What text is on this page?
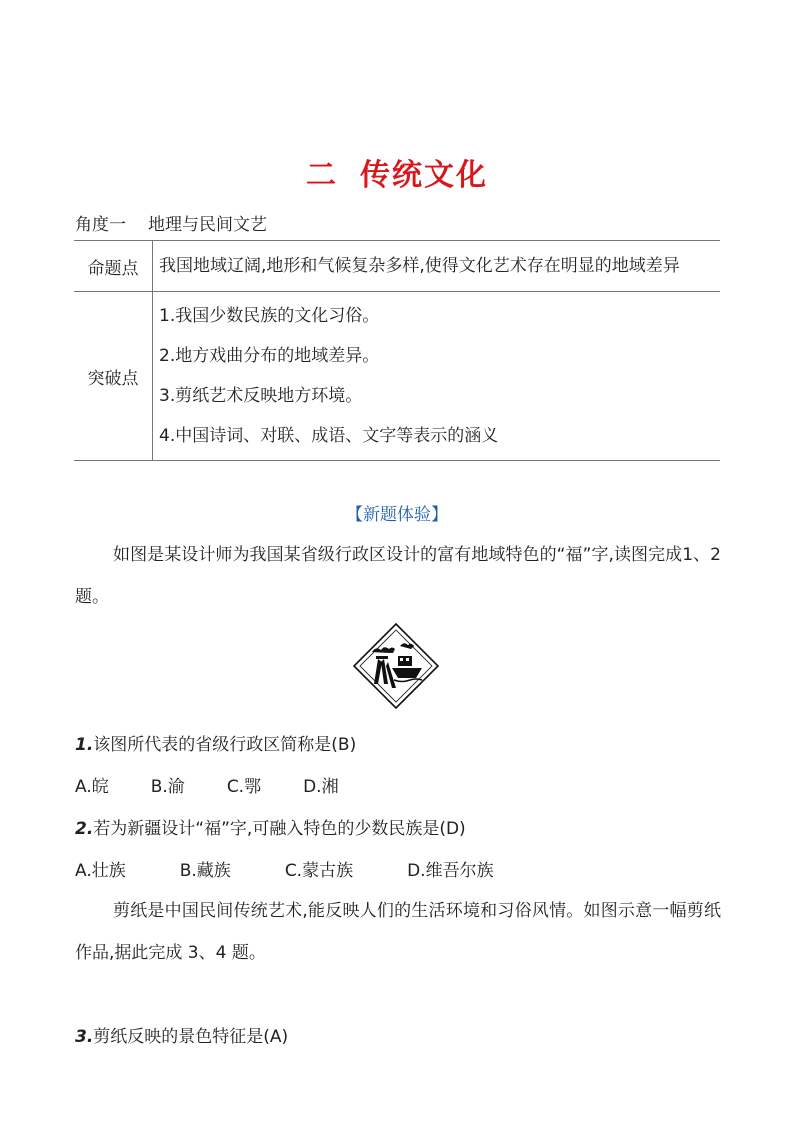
二 传统文化
角度一 地理与民间文艺
命题点	我国地域辽阔,地形和气候复杂多样,使得文化艺术存在明显的地域差异
突破点	1.我国少数民族的文化习俗。
2.地方戏曲分布的地域差异。
3.剪纸艺术反映地方环境。
4.中国诗词、对联、成语、文字等表示的涵义
【新题体验】
如图是某设计师为我国某省级行政区设计的富有地域特色的“福”字,读图完成1、2 题。
1.该图所代表的省级行政区简称是(B)
A.皖 B.渝 C.鄂 D.湘
2.若为新疆设计“福”字,可融入特色的少数民族是(D)
A.壮族	B.藏族	C.蒙古族	D.维吾尔族
剪纸是中国民间传统艺术,能反映人们的生活环境和习俗风情。如图示意一幅剪纸作品,据此完成 3、4 题。
3.剪纸反映的景色特征是(A)
